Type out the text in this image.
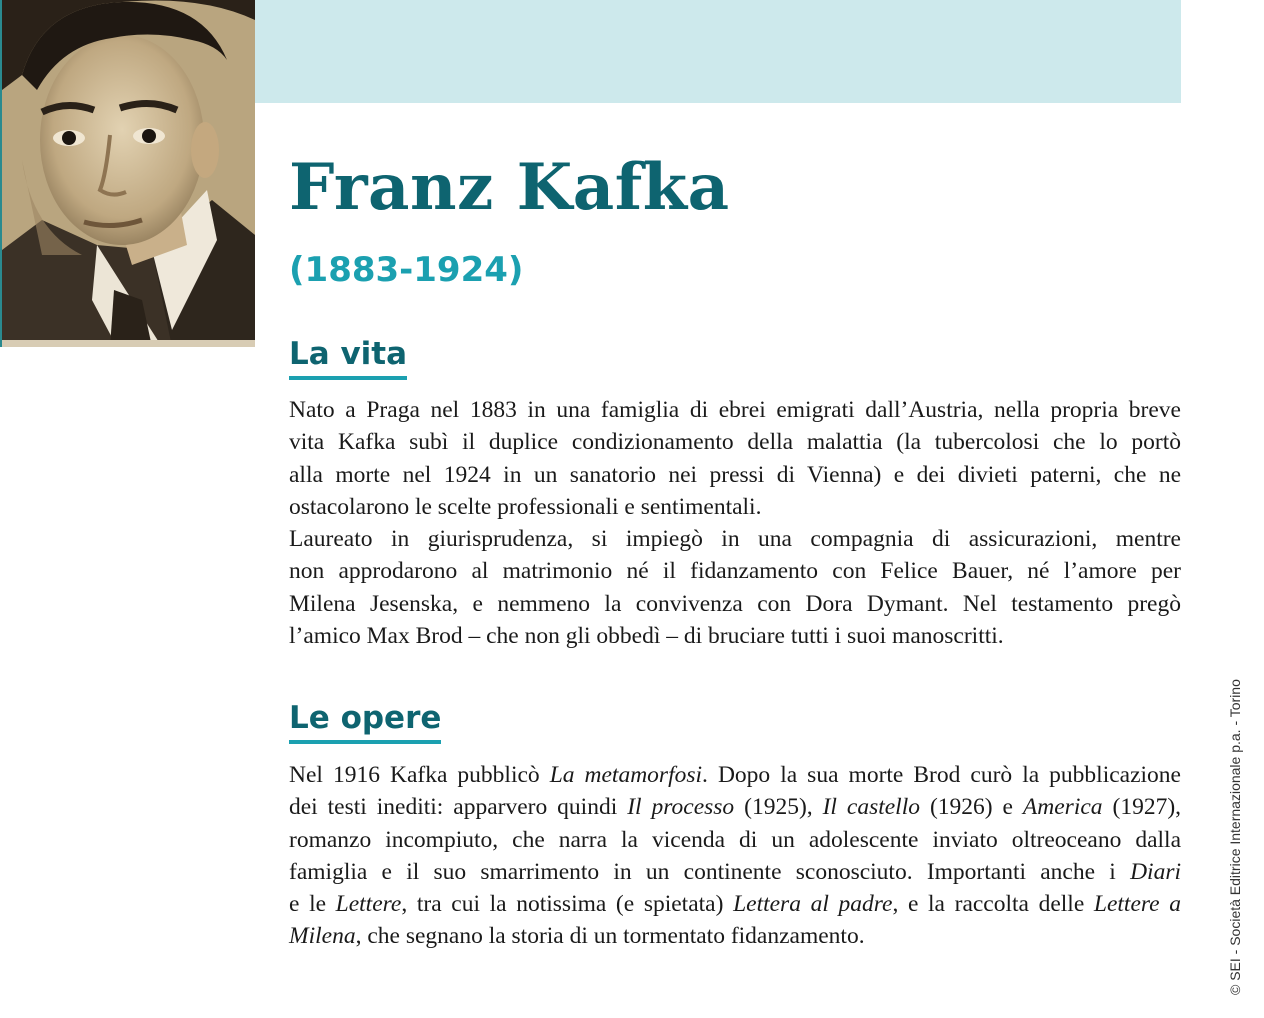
Franz Kafka
(1883-1924)
La vita
Nato a Praga nel 1883 in una famiglia di ebrei emigrati dall’Austria, nella propria breve
vita Kafka subì il duplice condizionamento della malattia (la tubercolosi che lo portò
alla morte nel 1924 in un sanatorio nei pressi di Vienna) e dei divieti paterni, che ne
ostacolarono le scelte professionali e sentimentali.
Laureato in giurisprudenza, si impiegò in una compagnia di assicurazioni, mentre
non approdarono al matrimonio né il fidanzamento con Felice Bauer, né l’amore per
Milena Jesenska, e nemmeno la convivenza con Dora Dymant. Nel testamento pregò
l’amico Max Brod – che non gli obbedì – di bruciare tutti i suoi manoscritti.
Le opere
Nel 1916 Kafka pubblicò La metamorfosi. Dopo la sua morte Brod curò la pubblicazione
dei testi inediti: apparvero quindi Il processo (1925), Il castello (1926) e America (1927),
romanzo incompiuto, che narra la vicenda di un adolescente inviato oltreoceano dalla
famiglia e il suo smarrimento in un continente sconosciuto. Importanti anche i Diari
e le Lettere, tra cui la notissima (e spietata) Lettera al padre, e la raccolta delle Lettere a
Milena, che segnano la storia di un tormentato fidanzamento.	© SEI - Società Editrice Internazionale p.a. - Torino
